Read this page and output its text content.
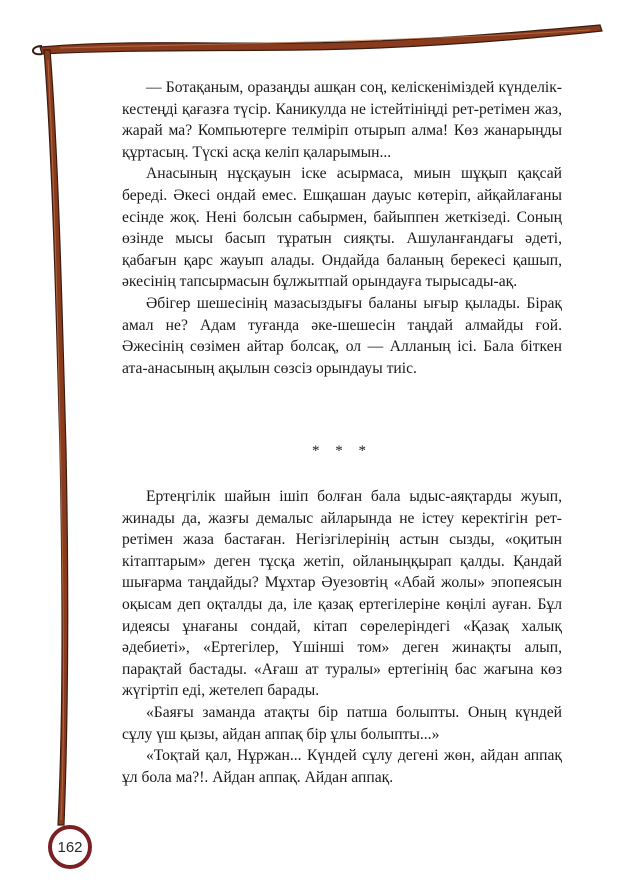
— Ботақаным, оразаңды ашқан соң, келіскеніміздей күнделік-кестеңді қағазға түсір. Каникулда не істейтініңді рет-ретімен жаз, жарай ма? Компьютерге телміріп отырып алма! Көз жанарыңды құртасың. Түскі асқа келіп қаларымын...

Анасының нұсқауын іске асырмаса, миын шұқып қақсай береді. Әкесі ондай емес. Ешқашан дауыс көтеріп, айқайлағаны есінде жоқ. Нені болсын сабырмен, байыппен жеткізеді. Соның өзінде мысы басып тұратын сияқты. Ашуланғандағы әдеті, қабағын қарс жауып алады. Ондайда баланың берекесі қашып, әкесінің тапсырмасын бұлжытпай орындауға тырысады-ақ.

Әбігер шешесінің мазасыздығы баланы ығыр қылады. Бірақ амал не? Адам туғанда әке-шешесін таңдай алмайды ғой. Әжесінің сөзімен айтар болсақ, ол — Алланың ісі. Бала біткен ата-анасының ақылын сөзсіз орындауы тиіс.

* * *

Ертеңгілік шайын ішіп болған бала ыдыс-аяқтарды жуып, жинады да, жазғы демалыс айларында не істеу керектігін рет-ретімен жаза бастаған. Негізгілерінің астын сызды, «оқитын кітаптарым» деген тұсқа жетіп, ойланыңқырап қалды. Қандай шығарма таңдайды? Мұхтар Әуезовтің «Абай жолы» эпопеясын оқысам деп оқталды да, іле қазақ ертегілеріне көңілі ауған. Бұл идеясы ұнағаны сондай, кітап сөрелеріндегі «Қазақ халық әдебиеті», «Ертегілер, Үшінші том» деген жинақты алып, парақтай бастады. «Ағаш ат туралы» ертегінің бас жағына көз жүгіртіп еді, жетелеп барады.

«Баяғы заманда атақты бір патша болыпты. Оның күндей сұлу үш қызы, айдан аппақ бір ұлы болыпты...»

«Тоқтай қал, Нұржан... Күндей сұлу дегені жөн, айдан аппақ ұл бола ма?!. Айдан аппақ. Айдан аппақ.

162
